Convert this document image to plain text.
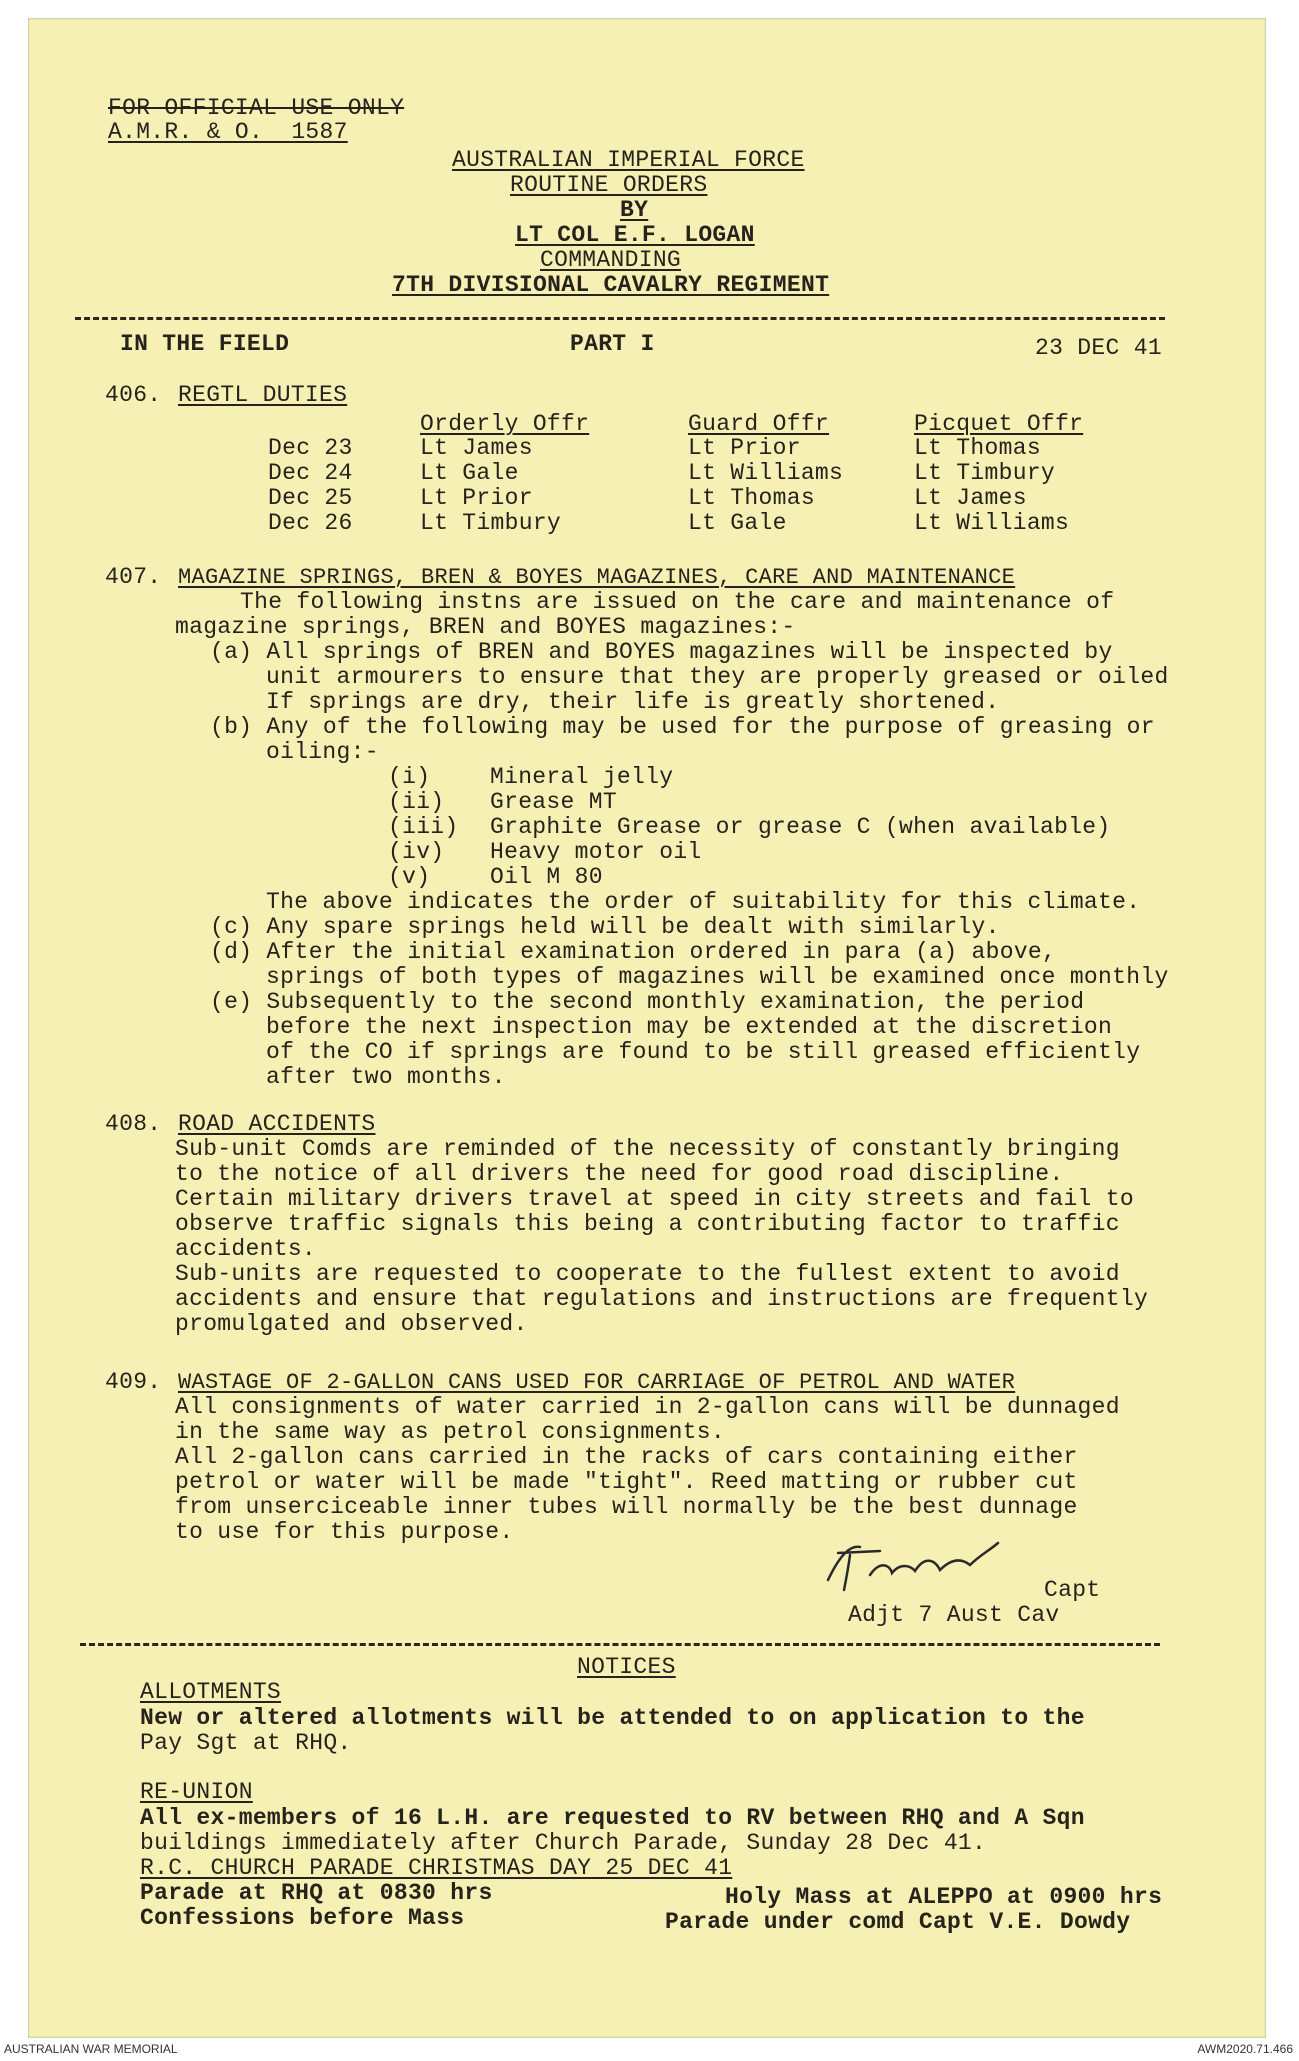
FOR OFFICIAL USE ONLY
A.M.R. & O.  1587
AUSTRALIAN IMPERIAL FORCE
ROUTINE ORDERS
BY
LT COL E.F. LOGAN
COMMANDING
7TH DIVISIONAL CAVALRY REGIMENT
IN THE FIELD	PART I	23 DEC 41
406. REGTL DUTIES
Orderly Offr	Guard Offr	Picquet Offr
Dec 23	Lt James	Lt Prior	Lt Thomas
Dec 24	Lt Gale	Lt Williams	Lt Timbury
Dec 25	Lt Prior	Lt Thomas	Lt James
Dec 26	Lt Timbury	Lt Gale	Lt Williams
407. MAGAZINE SPRINGS, BREN & BOYES MAGAZINES, CARE AND MAINTENANCE
The following instns are issued on the care and maintenance of
magazine springs, BREN and BOYES magazines:-
(a) All springs of BREN and BOYES magazines will be inspected by
unit armourers to ensure that they are properly greased or oiled
If springs are dry, their life is greatly shortened.
(b) Any of the following may be used for the purpose of greasing or
oiling:-
(i)	Mineral jelly
(ii) Grease MT
(iii) Graphite Grease or grease C (when available)
(iv) Heavy motor oil
(v)	Oil M 80
The above indicates the order of suitability for this climate.
(c) Any spare springs held will be dealt with similarly.
(d) After the initial examination ordered in para (a) above,
springs of both types of magazines will be examined once monthly
(e) Subsequently to the second monthly examination, the period
before the next inspection may be extended at the discretion
of the CO if springs are found to be still greased efficiently
after two months.
408. ROAD ACCIDENTS
Sub-unit Comds are reminded of the necessity of constantly bringing
to the notice of all drivers the need for good road discipline.
Certain military drivers travel at speed in city streets and fail to
observe traffic signals this being a contributing factor to traffic
accidents.
Sub-units are requested to cooperate to the fullest extent to avoid
accidents and ensure that regulations and instructions are frequently
promulgated and observed.
409. WASTAGE OF 2-GALLON CANS USED FOR CARRIAGE OF PETROL AND WATER
All consignments of water carried in 2-gallon cans will be dunnaged
in the same way as petrol consignments.
All 2-gallon cans carried in the racks of cars containing either
petrol or water will be made "tight". Reed matting or rubber cut
from unserciceable inner tubes will normally be the best dunnage
to use for this purpose.
Capt
Adjt 7 Aust Cav
NOTICES
ALLOTMENTS
New or altered allotments will be attended to on application to the
Pay Sgt at RHQ.
RE-UNION
All ex-members of 16 L.H. are requested to RV between RHQ and A Sqn
buildings immediately after Church Parade, Sunday 28 Dec 41.
R.C. CHURCH PARADE CHRISTMAS DAY 25 DEC 41
Parade at RHQ at 0830 hrs
Confessions before Mass
Holy Mass at ALEPPO at 0900 hrs
Parade under comd Capt V.E. Dowdy
AUSTRALIAN WAR MEMORIAL	AWM2020.71.466
